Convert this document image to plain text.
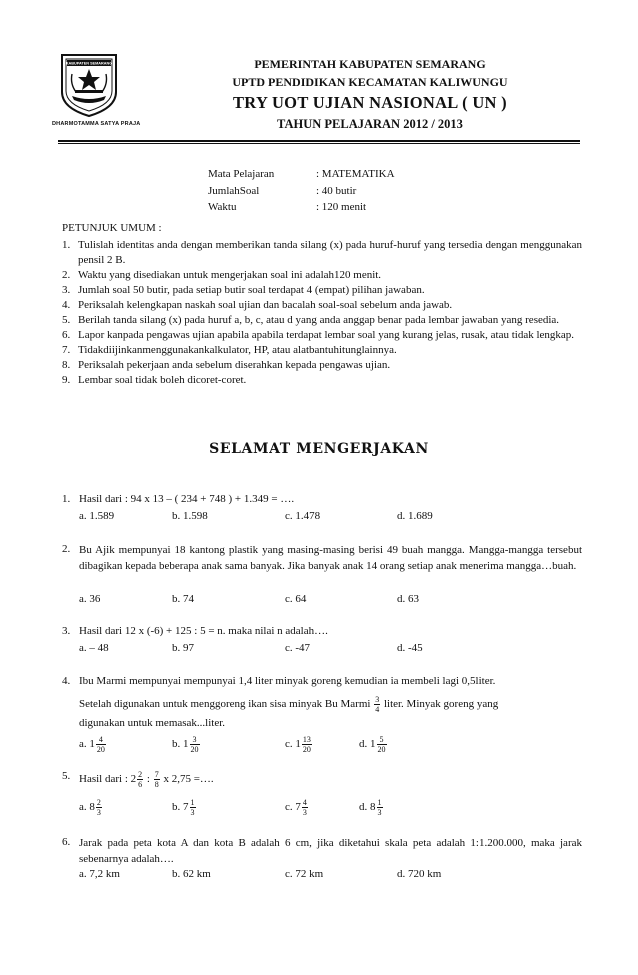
KABUPATEN SEMARANG
DHARMOTAMMA SATYA PRAJA
PEMERINTAH KABUPATEN SEMARANG
UPTD PENDIDIKAN KECAMATAN KALIWUNGU
TRY UOT UJIAN NASIONAL ( UN )
TAHUN PELAJARAN 2012 / 2013
Mata Pelajaran	: MATEMATIKA
JumlahSoal	: 40 butir
Waktu	: 120 menit
PETUNJUK UMUM :
1. Tulislah identitas anda dengan memberikan tanda silang (x) pada huruf-huruf yang tersedia dengan menggunakan pensil 2 B.
2. Waktu yang disediakan untuk mengerjakan soal ini adalah120 menit.
3. Jumlah soal 50 butir, pada setiap butir soal terdapat 4 (empat) pilihan jawaban.
4. Periksalah kelengkapan naskah soal ujian dan bacalah soal-soal sebelum anda jawab.
5. Berilah tanda silang (x) pada huruf a, b, c, atau d yang anda anggap benar pada lembar jawaban yang resedia.
6. Lapor kanpada pengawas ujian apabila apabila terdapat lembar soal yang kurang jelas, rusak, atau tidak lengkap.
7. Tidakdiijinkanmenggunakankalkulator, HP, atau alatbantuhitunglainnya.
8. Periksalah pekerjaan anda sebelum diserahkan kepada pengawas ujian.
9. Lembar soal tidak boleh dicoret-coret.
SELAMAT MENGERJAKAN
1. Hasil dari : 94 x 13 – ( 234 + 748 ) + 1.349 = ….
a. 1.589	b. 1.598	c. 1.478	d. 1.689
2. Bu Ajik mempunyai 18 kantong plastik yang masing-masing berisi 49 buah mangga. Mangga-mangga tersebut dibagikan kepada beberapa anak sama banyak. Jika banyak anak 14 orang setiap anak menerima mangga…buah.
a. 36	b. 74	c. 64	d. 63
3. Hasil dari 12 x (-6) + 125 : 5 = n. maka nilai n adalah….
a. – 48	b. 97	c. -47	d. -45
4. Ibu Marmi mempunyai mempunyai 1,4 liter minyak goreng kemudian ia membeli lagi 0,5liter.
Setelah digunakan untuk menggoreng ikan sisa minyak Bu Marmi $\frac{3}{4}$ liter. Minyak goreng yang
digunakan untuk memasak...liter.
a. $1 \frac{4}{20}$	b. $1 \frac{3}{20}$	c. $1 \frac{13}{20}$	d. $1 \frac{5}{20}$
5. Hasil dari : $2 \frac{2}{6}$ : $\frac{7}{8}$ x 2,75 =….
a. $8 \frac{2}{3}$	b. $7 \frac{1}{3}$	c. $7 \frac{4}{3}$	d. $8 \frac{1}{3}$
6. Jarak pada peta kota A dan kota B adalah 6 cm, jika diketahui skala peta adalah 1:1.200.000, maka jarak sebenarnya adalah….
a. 7,2 km	b. 62 km	c. 72 km	d. 720 km
